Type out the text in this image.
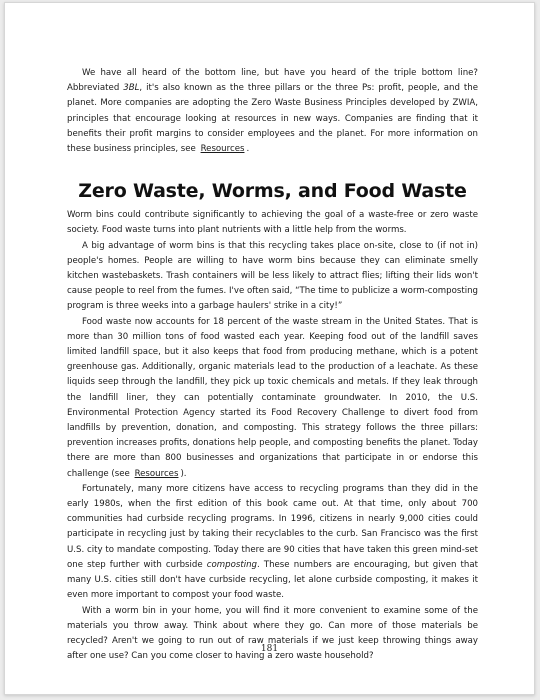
We have all heard of the bottom line, but have you heard of the triple bottom line? Abbreviated 3BL, it's also known as the three pillars or the three Ps: profit, people, and the planet. More companies are adopting the Zero Waste Business Principles developed by ZWIA, principles that encourage looking at resources in new ways. Companies are finding that it benefits their profit margins to consider employees and the planet. For more information on these business principles, see Resources .

Zero Waste, Worms, and Food Waste

Worm bins could contribute significantly to achieving the goal of a waste-free or zero waste society. Food waste turns into plant nutrients with a little help from the worms.

A big advantage of worm bins is that this recycling takes place on-site, close to (if not in) people's homes. People are willing to have worm bins because they can eliminate smelly kitchen wastebaskets. Trash containers will be less likely to attract flies; lifting their lids won't cause people to reel from the fumes. I've often said, “The time to publicize a worm-composting program is three weeks into a garbage haulers' strike in a city!”

Food waste now accounts for 18 percent of the waste stream in the United States. That is more than 30 million tons of food wasted each year. Keeping food out of the landfill saves limited landfill space, but it also keeps that food from producing methane, which is a potent greenhouse gas. Additionally, organic materials lead to the production of a leachate. As these liquids seep through the landfill, they pick up toxic chemicals and metals. If they leak through the landfill liner, they can potentially contaminate groundwater. In 2010, the U.S. Environmental Protection Agency started its Food Recovery Challenge to divert food from landfills by prevention, donation, and composting. This strategy follows the three pillars: prevention increases profits, donations help people, and composting benefits the planet. Today there are more than 800 businesses and organizations that participate in or endorse this challenge (see Resources ).

Fortunately, many more citizens have access to recycling programs than they did in the early 1980s, when the first edition of this book came out. At that time, only about 700 communities had curbside recycling programs. In 1996, citizens in nearly 9,000 cities could participate in recycling just by taking their recyclables to the curb. San Francisco was the first U.S. city to mandate composting. Today there are 90 cities that have taken this green mind-set one step further with curbside composting. These numbers are encouraging, but given that many U.S. cities still don't have curbside recycling, let alone curbside composting, it makes it even more important to compost your food waste.

With a worm bin in your home, you will find it more convenient to examine some of the materials you throw away. Think about where they go. Can more of those materials be recycled? Aren't we going to run out of raw materials if we just keep throwing things away after one use? Can you come closer to having a zero waste household?

181
